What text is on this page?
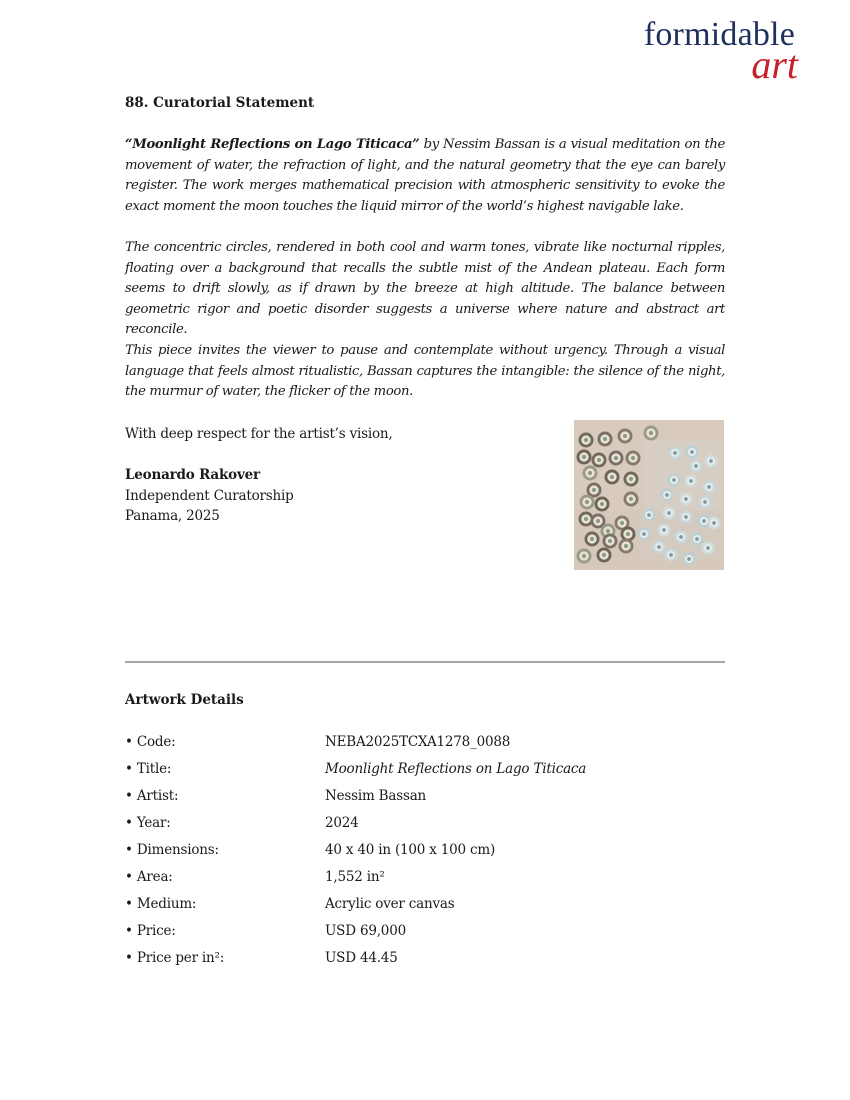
formidable
art
88. Curatorial Statement

“Moonlight Reflections on Lago Titicaca” by Nessim Bassan is a visual meditation on the movement of water, the refraction of light, and the natural geometry that the eye can barely register. The work merges mathematical precision with atmospheric sensitivity to evoke the exact moment the moon touches the liquid mirror of the world’s highest navigable lake.

The concentric circles, rendered in both cool and warm tones, vibrate like nocturnal ripples, floating over a background that recalls the subtle mist of the Andean plateau. Each form seems to drift slowly, as if drawn by the breeze at high altitude. The balance between geometric rigor and poetic disorder suggests a universe where nature and abstract art reconcile.

This piece invites the viewer to pause and contemplate without urgency. Through a visual language that feels almost ritualistic, Bassan captures the intangible: the silence of the night, the murmur of water, the flicker of the moon.

With deep respect for the artist’s vision,
Leonardo Rakover
Independent Curatorship
Panama, 2025
Artwork Details
• Code:	NEBA2025TCXA1278_0088
• Title:	Moonlight Reflections on Lago Titicaca
• Artist:	Nessim Bassan
• Year:	2024
• Dimensions:	40 x 40 in (100 x 100 cm)
• Area:	1,552 in²
• Medium:	Acrylic over canvas
• Price:	USD 69,000
• Price per in²:	USD 44.45
